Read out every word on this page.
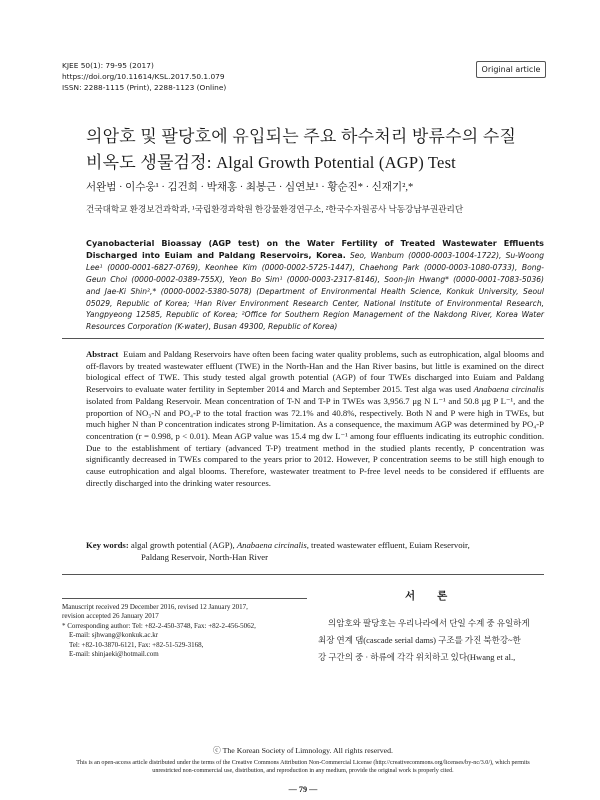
KJEE 50(1): 79-95 (2017)
https://doi.org/10.11614/KSL.2017.50.1.079
ISSN: 2288-1115 (Print), 2288-1123 (Online)
Original article
의암호 및 팔당호에 유입되는 주요 하수처리 방류수의 수질
비옥도 생물검정: Algal Growth Potential (AGP) Test
서완범 · 이수웅¹ · 김건희 · 박채홍 · 최봉근 · 심연보¹ · 황순진* · 신재기²,*
건국대학교 환경보건과학과, ¹국립환경과학원 한강물환경연구소, ²한국수자원공사 낙동강남부권관리단
Cyanobacterial Bioassay (AGP test) on the Water Fertility of Treated Wastewater Effluents Discharged into Euiam and Paldang Reservoirs, Korea. Seo, Wanbum (0000-0003-1004-1722), Su-Woong Lee¹ (0000-0001-6827-0769), Keonhee Kim (0000-0002-5725-1447), Chaehong Park (0000-0003-1080-0733), Bong-Geun Choi (0000-0002-0389-755X), Yeon Bo Sim¹ (0000-0003-2317-8146), Soon-Jin Hwang* (0000-0001-7083-5036) and Jae-Ki Shin²,* (0000-0002-5380-5078) (Department of Environmental Health Science, Konkuk University, Seoul 05029, Republic of Korea; ¹Han River Environment Research Center, National Institute of Environmental Research, Yangpyeong 12585, Republic of Korea; ²Office for Southern Region Management of the Nakdong River, Korea Water Resources Corporation (K-water), Busan 49300, Republic of Korea)
Abstract Euiam and Paldang Reservoirs have often been facing water quality problems, such as eutrophication, algal blooms and off-flavors by treated wastewater effluent (TWE) in the North-Han and the Han River basins, but little is examined on the direct biological effect of TWE. This study tested algal growth potential (AGP) of four TWEs discharged into Euiam and Paldang Reservoirs to evaluate water fertility in September 2014 and March and September 2015. Test alga was used Anabaena circinalis isolated from Paldang Reservoir. Mean concentration of T-N and T-P in TWEs was 3,956.7 μg N L⁻¹ and 50.8 μg P L⁻¹, and the proportion of NO₃-N and PO₄-P to the total fraction was 72.1% and 40.8%, respectively. Both N and P were high in TWEs, but much higher N than P concentration indicates strong P-limitation. As a consequence, the maximum AGP was determined by PO₄-P concentration (r = 0.998, p < 0.01). Mean AGP value was 15.4 mg dw L⁻¹ among four effluents indicating its eutrophic condition. Due to the establishment of tertiary (advanced T-P) treatment method in the studied plants recently, P concentration was significantly decreased in TWEs compared to the years prior to 2012. However, P concentration seems to be still high enough to cause eutrophication and algal blooms. Therefore, wastewater treatment to P-free level needs to be considered if effluents are directly discharged into the drinking water resources.
Key words: algal growth potential (AGP), Anabaena circinalis, treated wastewater effluent, Euiam Reservoir,
Paldang Reservoir, North-Han River
서론
Manuscript received 29 December 2016, revised 12 January 2017,
revision accepted 26 January 2017
* Corresponding author: Tel: +82-2-450-3748, Fax: +82-2-456-5062,
E-mail: sjhwang@konkuk.ac.kr
Tel: +82-10-3870-6121, Fax: +82-51-529-3168,
E-mail: shinjaeki@hotmail.com

의암호와 팔당호는 우리나라에서 단일 수계 중 유일하게

최장 연계 댐(cascade serial dams) 구조를 가진 북한강~한
강 구간의 중 · 하류에 각각 위치하고 있다(Hwang et al.,
ⓒ The Korean Society of Limnology. All rights reserved.
This is an open-access article distributed under the terms of the Creative Commons Attribution Non-Commercial License (http://creativecommons.org/licenses/by-nc/3.0/), which permits unrestricted non-commercial use, distribution, and reproduction in any medium, provide the original work is properly cited.
— 79 —
